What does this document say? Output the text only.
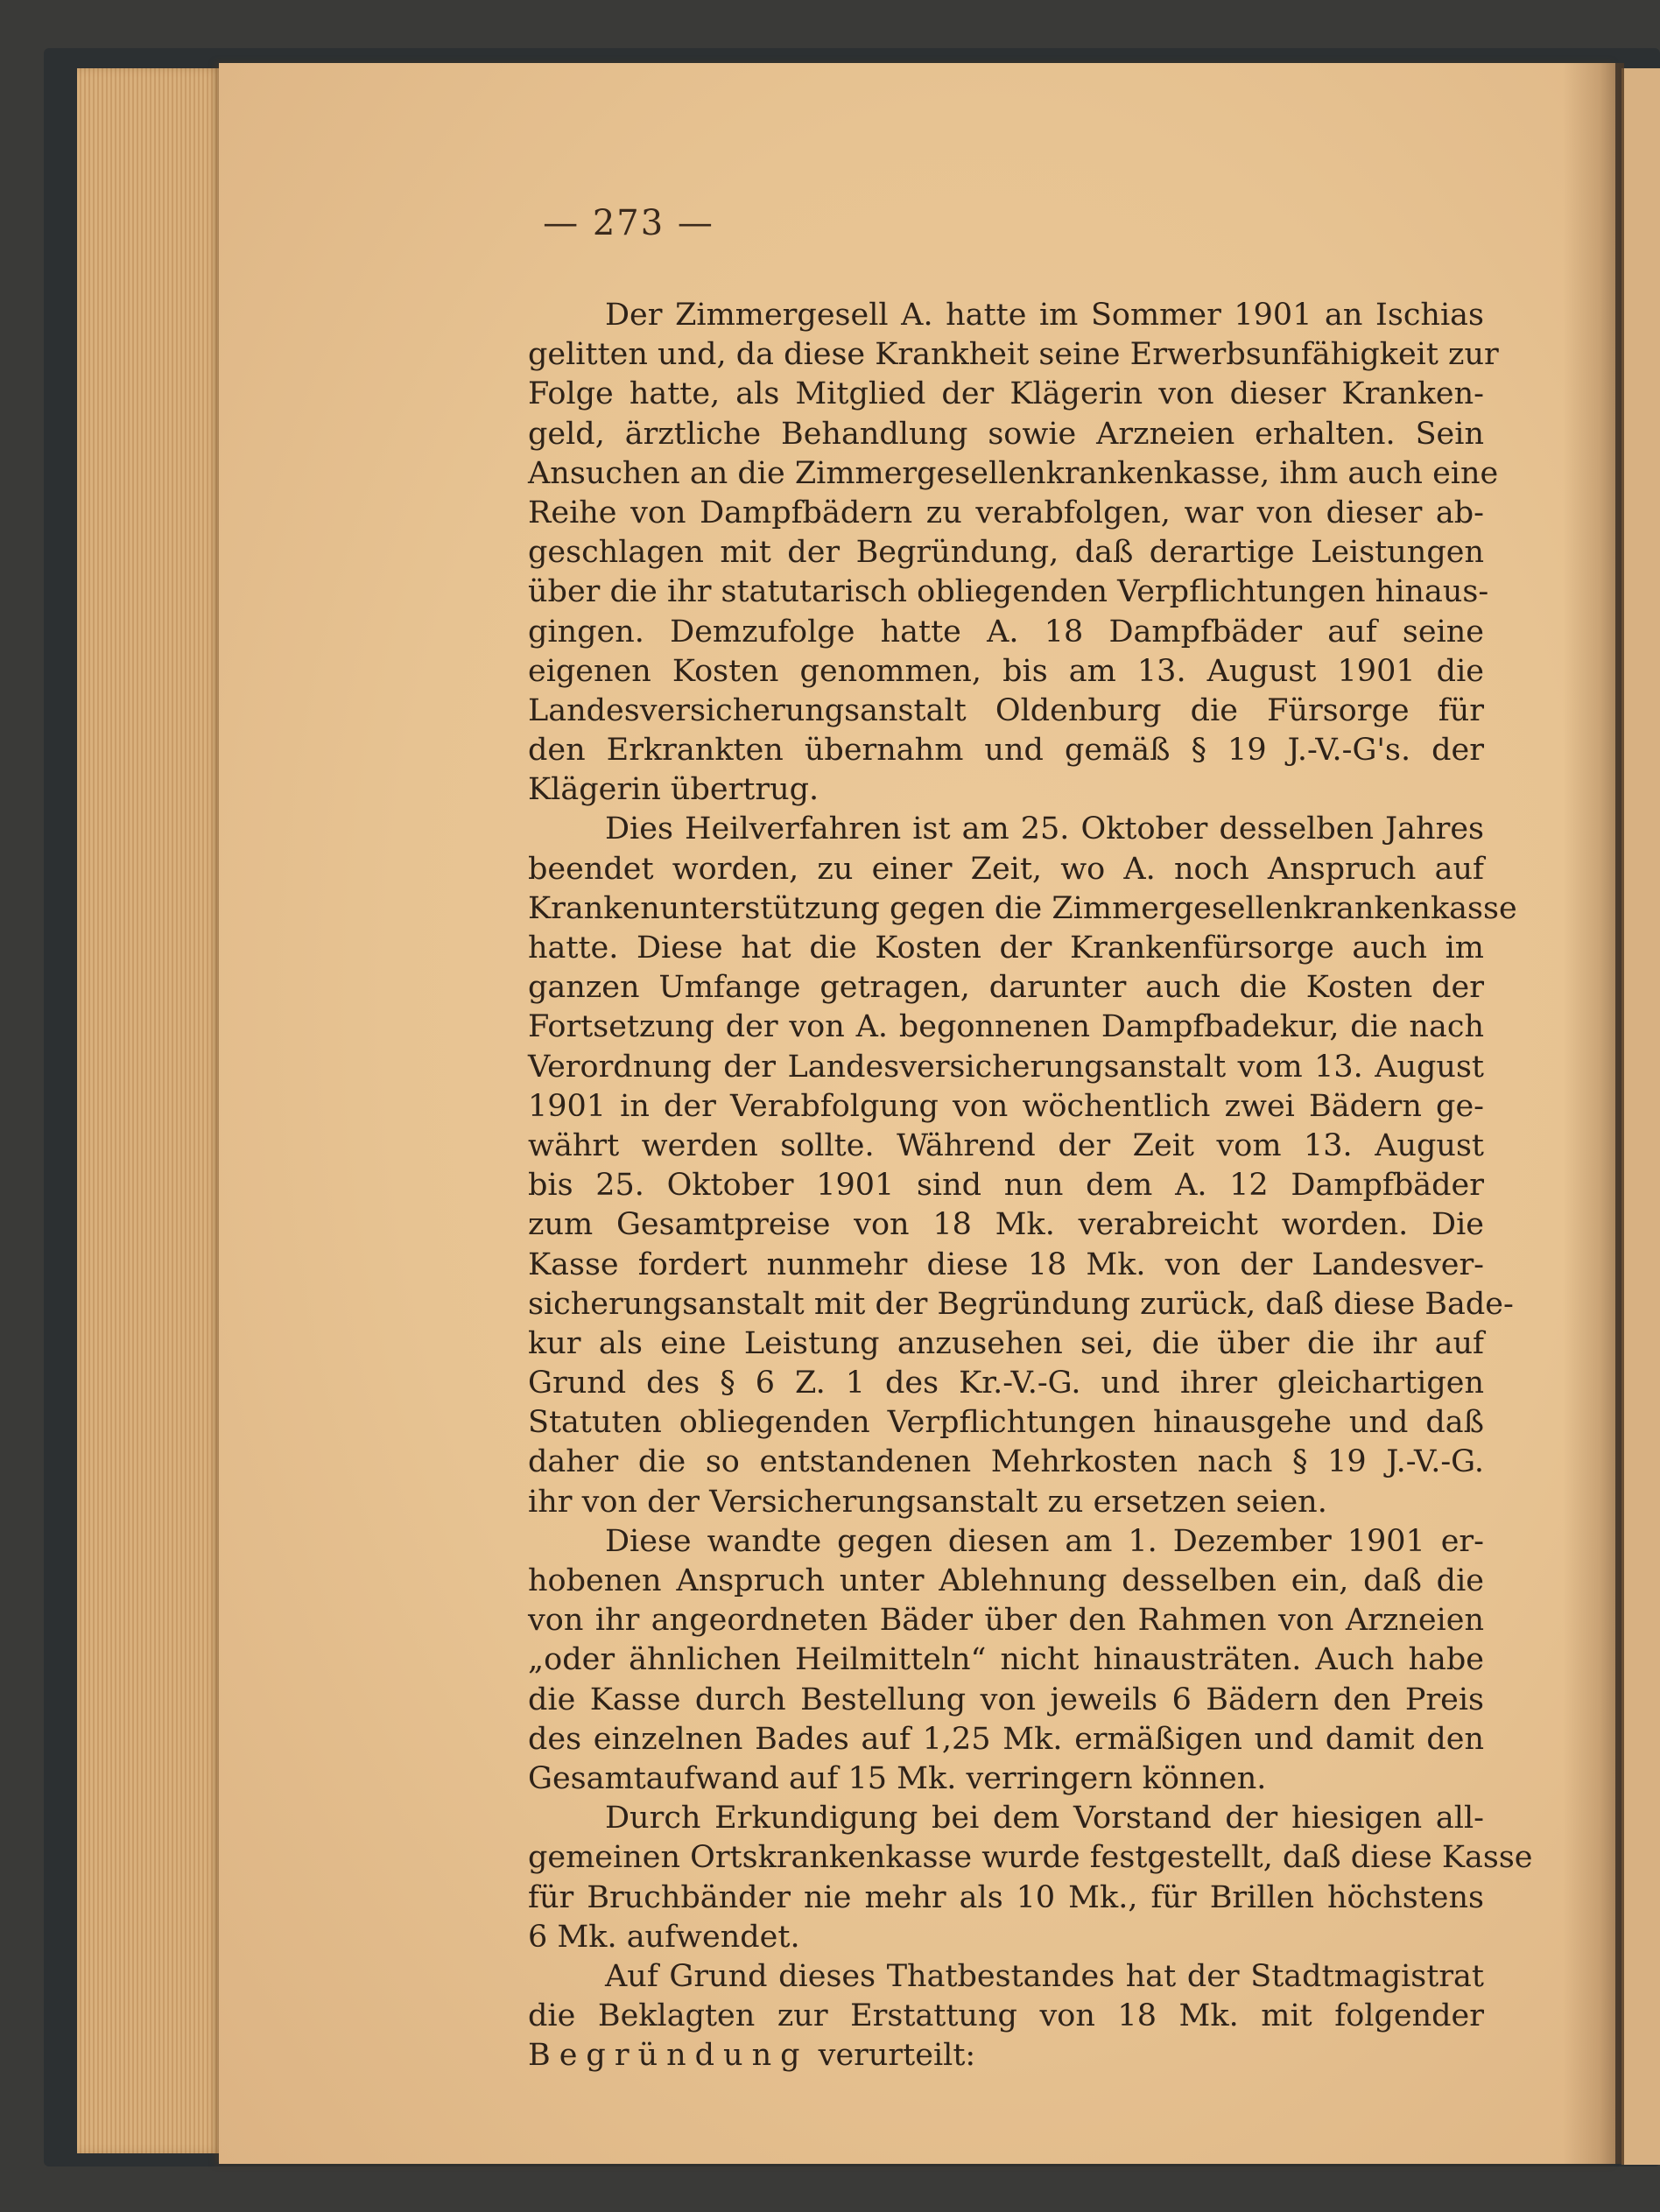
— 273 —
Der Zimmergesell A. hatte im Sommer 1901 an Ischias
gelitten und, da diese Krankheit seine Erwerbsunfähigkeit zur
Folge hatte, als Mitglied der Klägerin von dieser Kranken-
geld, ärztliche Behandlung sowie Arzneien erhalten. Sein
Ansuchen an die Zimmergesellenkrankenkasse, ihm auch eine
Reihe von Dampfbädern zu verabfolgen, war von dieser ab-
geschlagen mit der Begründung, daß derartige Leistungen
über die ihr statutarisch obliegenden Verpflichtungen hinaus-
gingen. Demzufolge hatte A. 18 Dampfbäder auf seine
eigenen Kosten genommen, bis am 13. August 1901 die
Landesversicherungsanstalt Oldenburg die Fürsorge für
den Erkrankten übernahm und gemäß § 19 J.-V.-G's. der
Klägerin übertrug.
Dies Heilverfahren ist am 25. Oktober desselben Jahres
beendet worden, zu einer Zeit, wo A. noch Anspruch auf
Krankenunterstützung gegen die Zimmergesellenkrankenkasse
hatte. Diese hat die Kosten der Krankenfürsorge auch im
ganzen Umfange getragen, darunter auch die Kosten der
Fortsetzung der von A. begonnenen Dampfbadekur, die nach
Verordnung der Landesversicherungsanstalt vom 13. August
1901 in der Verabfolgung von wöchentlich zwei Bädern ge-
währt werden sollte. Während der Zeit vom 13. August
bis 25. Oktober 1901 sind nun dem A. 12 Dampfbäder
zum Gesamtpreise von 18 Mk. verabreicht worden. Die
Kasse fordert nunmehr diese 18 Mk. von der Landesver-
sicherungsanstalt mit der Begründung zurück, daß diese Bade-
kur als eine Leistung anzusehen sei, die über die ihr auf
Grund des § 6 Z. 1 des Kr.-V.-G. und ihrer gleichartigen
Statuten obliegenden Verpflichtungen hinausgehe und daß
daher die so entstandenen Mehrkosten nach § 19 J.-V.-G.
ihr von der Versicherungsanstalt zu ersetzen seien.
Diese wandte gegen diesen am 1. Dezember 1901 er-
hobenen Anspruch unter Ablehnung desselben ein, daß die
von ihr angeordneten Bäder über den Rahmen von Arzneien
„oder ähnlichen Heilmitteln“ nicht hinausträten. Auch habe
die Kasse durch Bestellung von jeweils 6 Bädern den Preis
des einzelnen Bades auf 1,25 Mk. ermäßigen und damit den
Gesamtaufwand auf 15 Mk. verringern können.
Durch Erkundigung bei dem Vorstand der hiesigen all-
gemeinen Ortskrankenkasse wurde festgestellt, daß diese Kasse
für Bruchbänder nie mehr als 10 Mk., für Brillen höchstens
6 Mk. aufwendet.
Auf Grund dieses Thatbestandes hat der Stadtmagistrat
die Beklagten zur Erstattung von 18 Mk. mit folgender
Begründung verurteilt:
